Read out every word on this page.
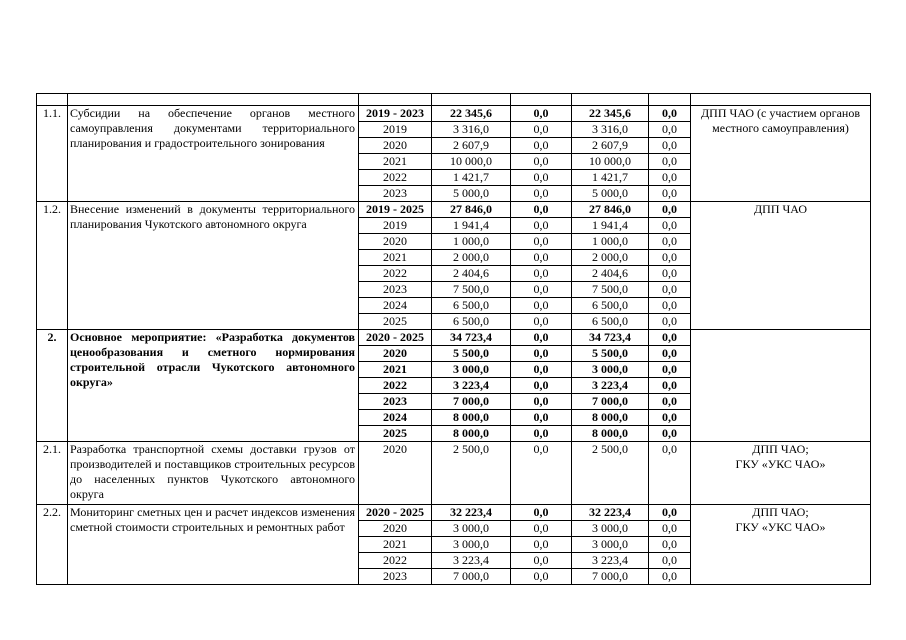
1.1.	Субсидии на обеспечение органов местного самоуправления документами территориального планирования и градостроительного зонирования	2019 - 2023	22 345,6	0,0	22 345,6	0,0	ДПП ЧАО (с участием органов местного самоуправления)
		2019	3 316,0	0,0	3 316,0	0,0	
		2020	2 607,9	0,0	2 607,9	0,0	
		2021	10 000,0	0,0	10 000,0	0,0	
		2022	1 421,7	0,0	1 421,7	0,0	
		2023	5 000,0	0,0	5 000,0	0,0	
1.2.	Внесение изменений в документы территориального планирования Чукотского автономного округа	2019 - 2025	27 846,0	0,0	27 846,0	0,0	ДПП ЧАО
		2019	1 941,4	0,0	1 941,4	0,0	
		2020	1 000,0	0,0	1 000,0	0,0	
		2021	2 000,0	0,0	2 000,0	0,0	
		2022	2 404,6	0,0	2 404,6	0,0	
		2023	7 500,0	0,0	7 500,0	0,0	
		2024	6 500,0	0,0	6 500,0	0,0	
		2025	6 500,0	0,0	6 500,0	0,0	
2.	Основное мероприятие: «Разработка документов ценообразования и сметного нормирования строительной отрасли Чукотского автономного округа»	2020 - 2025	34 723,4	0,0	34 723,4	0,0	
		2020	5 500,0	0,0	5 500,0	0,0	
		2021	3 000,0	0,0	3 000,0	0,0	
		2022	3 223,4	0,0	3 223,4	0,0	
		2023	7 000,0	0,0	7 000,0	0,0	
		2024	8 000,0	0,0	8 000,0	0,0	
		2025	8 000,0	0,0	8 000,0	0,0	
2.1.	Разработка транспортной схемы доставки грузов от производителей и поставщиков строительных ресурсов до населенных пунктов Чукотского автономного округа	2020	2 500,0	0,0	2 500,0	0,0	ДПП ЧАО;
ГКУ «УКС ЧАО»
2.2.	Мониторинг сметных цен и расчет индексов изменения сметной стоимости строительных и ремонтных работ	2020 - 2025	32 223,4	0,0	32 223,4	0,0	ДПП ЧАО;
ГКУ «УКС ЧАО»
		2020	3 000,0	0,0	3 000,0	0,0	
		2021	3 000,0	0,0	3 000,0	0,0	
		2022	3 223,4	0,0	3 223,4	0,0	
		2023	7 000,0	0,0	7 000,0	0,0	
